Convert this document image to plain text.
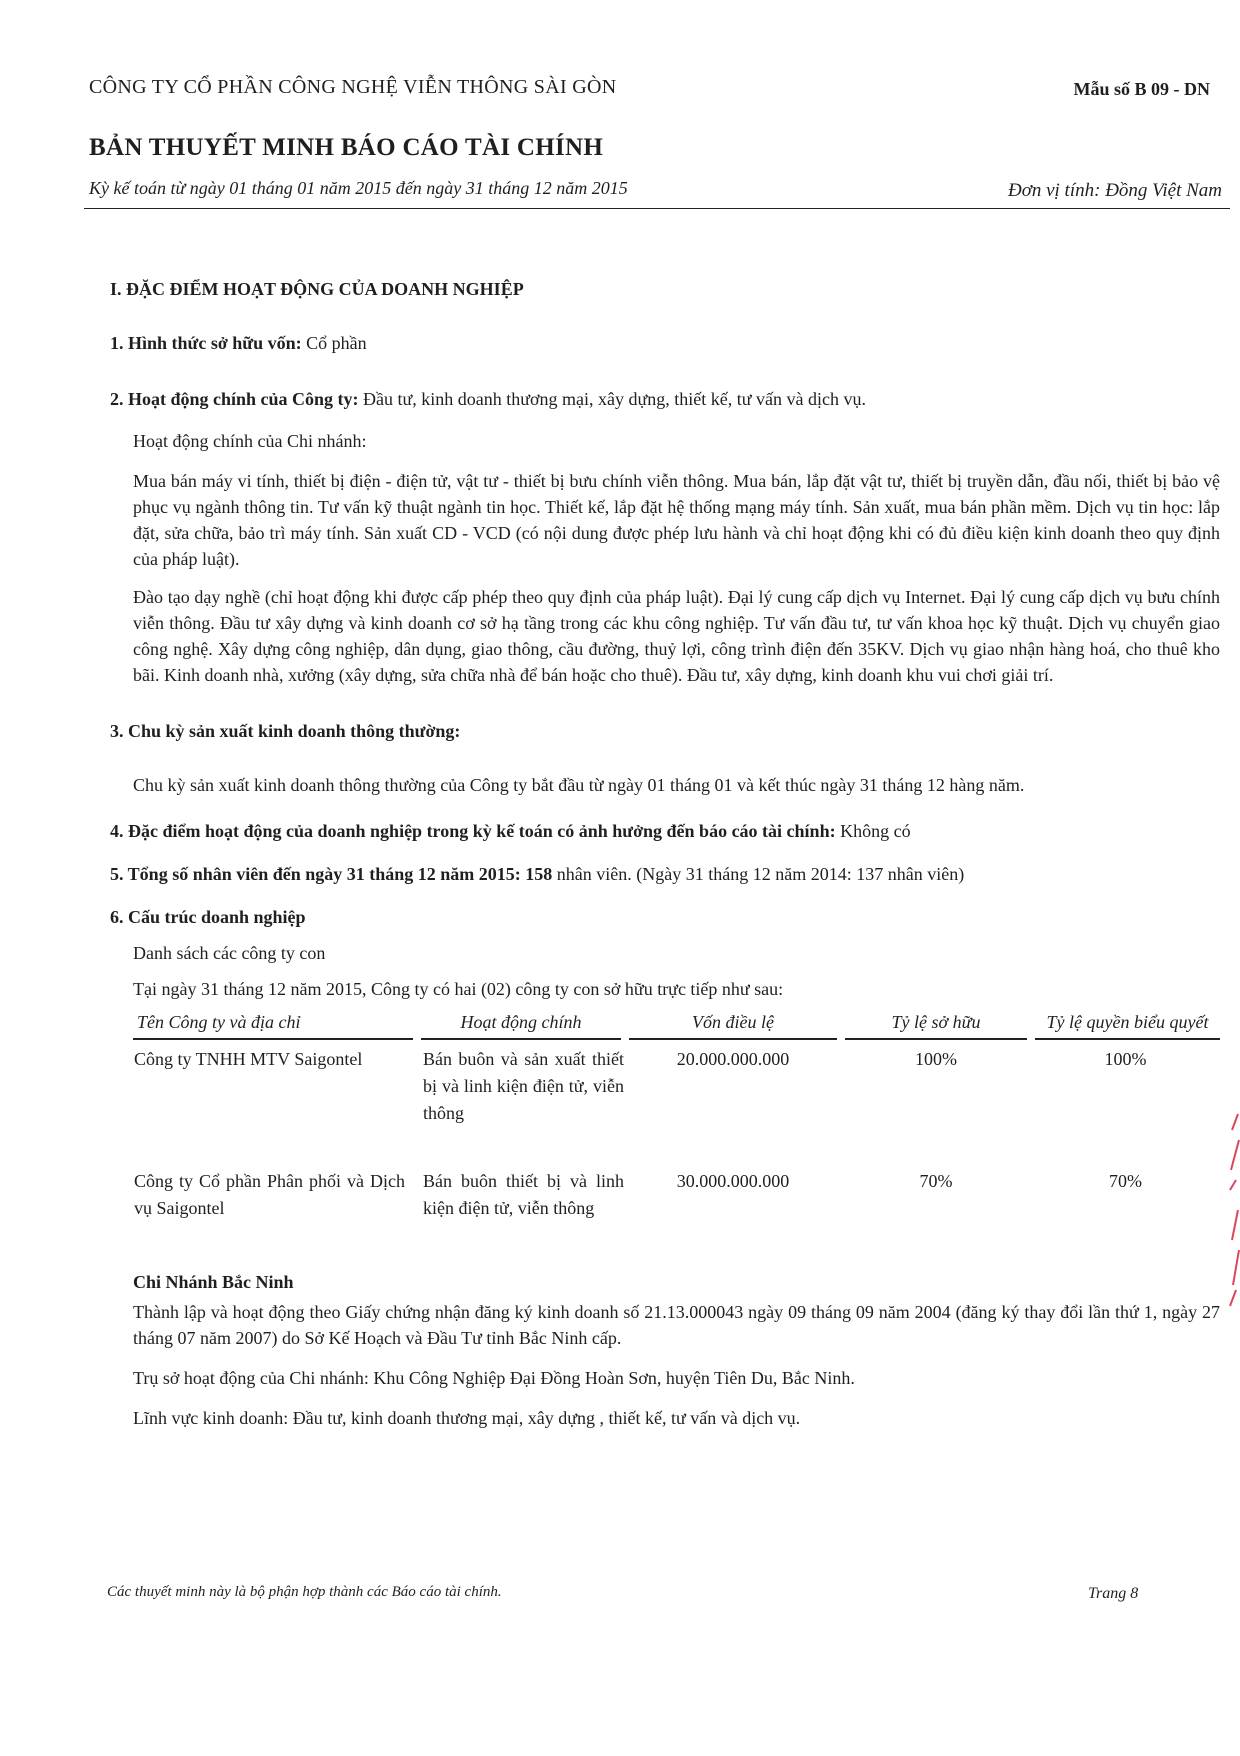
CÔNG TY CỔ PHẦN CÔNG NGHỆ VIỄN THÔNG SÀI GÒN	Mẫu số B 09 - DN
BẢN THUYẾT MINH BÁO CÁO TÀI CHÍNH
Kỳ kế toán từ ngày 01 tháng 01 năm 2015 đến ngày 31 tháng 12 năm 2015	Đơn vị tính: Đồng Việt Nam

I. ĐẶC ĐIỂM HOẠT ĐỘNG CỦA DOANH NGHIỆP

1. Hình thức sở hữu vốn: Cổ phần

2. Hoạt động chính của Công ty: Đầu tư, kinh doanh thương mại, xây dựng, thiết kế, tư vấn và dịch vụ.

Hoạt động chính của Chi nhánh:

Mua bán máy vi tính, thiết bị điện - điện tử, vật tư - thiết bị bưu chính viễn thông. Mua bán, lắp đặt vật tư, thiết bị truyền dẫn, đầu nối, thiết bị bảo vệ phục vụ ngành thông tin. Tư vấn kỹ thuật ngành tin học. Thiết kế, lắp đặt hệ thống mạng máy tính. Sản xuất, mua bán phần mềm. Dịch vụ tin học: lắp đặt, sửa chữa, bảo trì máy tính. Sản xuất CD - VCD (có nội dung được phép lưu hành và chỉ hoạt động khi có đủ điều kiện kinh doanh theo quy định của pháp luật).

Đào tạo dạy nghề (chỉ hoạt động khi được cấp phép theo quy định của pháp luật). Đại lý cung cấp dịch vụ Internet. Đại lý cung cấp dịch vụ bưu chính viễn thông. Đầu tư xây dựng và kinh doanh cơ sở hạ tầng trong các khu công nghiệp. Tư vấn đầu tư, tư vấn khoa học kỹ thuật. Dịch vụ chuyển giao công nghệ. Xây dựng công nghiệp, dân dụng, giao thông, cầu đường, thuỷ lợi, công trình điện đến 35KV. Dịch vụ giao nhận hàng hoá, cho thuê kho bãi. Kinh doanh nhà, xưởng (xây dựng, sửa chữa nhà để bán hoặc cho thuê). Đầu tư, xây dựng, kinh doanh khu vui chơi giải trí.

3. Chu kỳ sản xuất kinh doanh thông thường:

Chu kỳ sản xuất kinh doanh thông thường của Công ty bắt đầu từ ngày 01 tháng 01 và kết thúc ngày 31 tháng 12 hàng năm.

4. Đặc điểm hoạt động của doanh nghiệp trong kỳ kế toán có ảnh hưởng đến báo cáo tài chính: Không có

5. Tổng số nhân viên đến ngày 31 tháng 12 năm 2015: 158 nhân viên. (Ngày 31 tháng 12 năm 2014: 137 nhân viên)

6. Cấu trúc doanh nghiệp

Danh sách các công ty con

Tại ngày 31 tháng 12 năm 2015, Công ty có hai (02) công ty con sở hữu trực tiếp như sau:

Tên Công ty và địa chỉ	Hoạt động chính	Vốn điều lệ	Tỷ lệ sở hữu	Tỷ lệ quyền biểu quyết
Công ty TNHH MTV Saigontel	Bán buôn và sản xuất thiết bị và linh kiện điện tử, viễn thông	20.000.000.000	100%	100%
Công ty Cổ phần Phân phối và Dịch vụ Saigontel	Bán buôn thiết bị và linh kiện điện tử, viễn thông	30.000.000.000	70%	70%

Chi Nhánh Bắc Ninh

Thành lập và hoạt động theo Giấy chứng nhận đăng ký kinh doanh số 21.13.000043 ngày 09 tháng 09 năm 2004 (đăng ký thay đổi lần thứ 1, ngày 27 tháng 07 năm 2007) do Sở Kế Hoạch và Đầu Tư tỉnh Bắc Ninh cấp.

Trụ sở hoạt động của Chi nhánh: Khu Công Nghiệp Đại Đồng Hoàn Sơn, huyện Tiên Du, Bắc Ninh.

Lĩnh vực kinh doanh: Đầu tư, kinh doanh thương mại, xây dựng , thiết kế, tư vấn và dịch vụ.

Các thuyết minh này là bộ phận hợp thành các Báo cáo tài chính.	Trang 8
